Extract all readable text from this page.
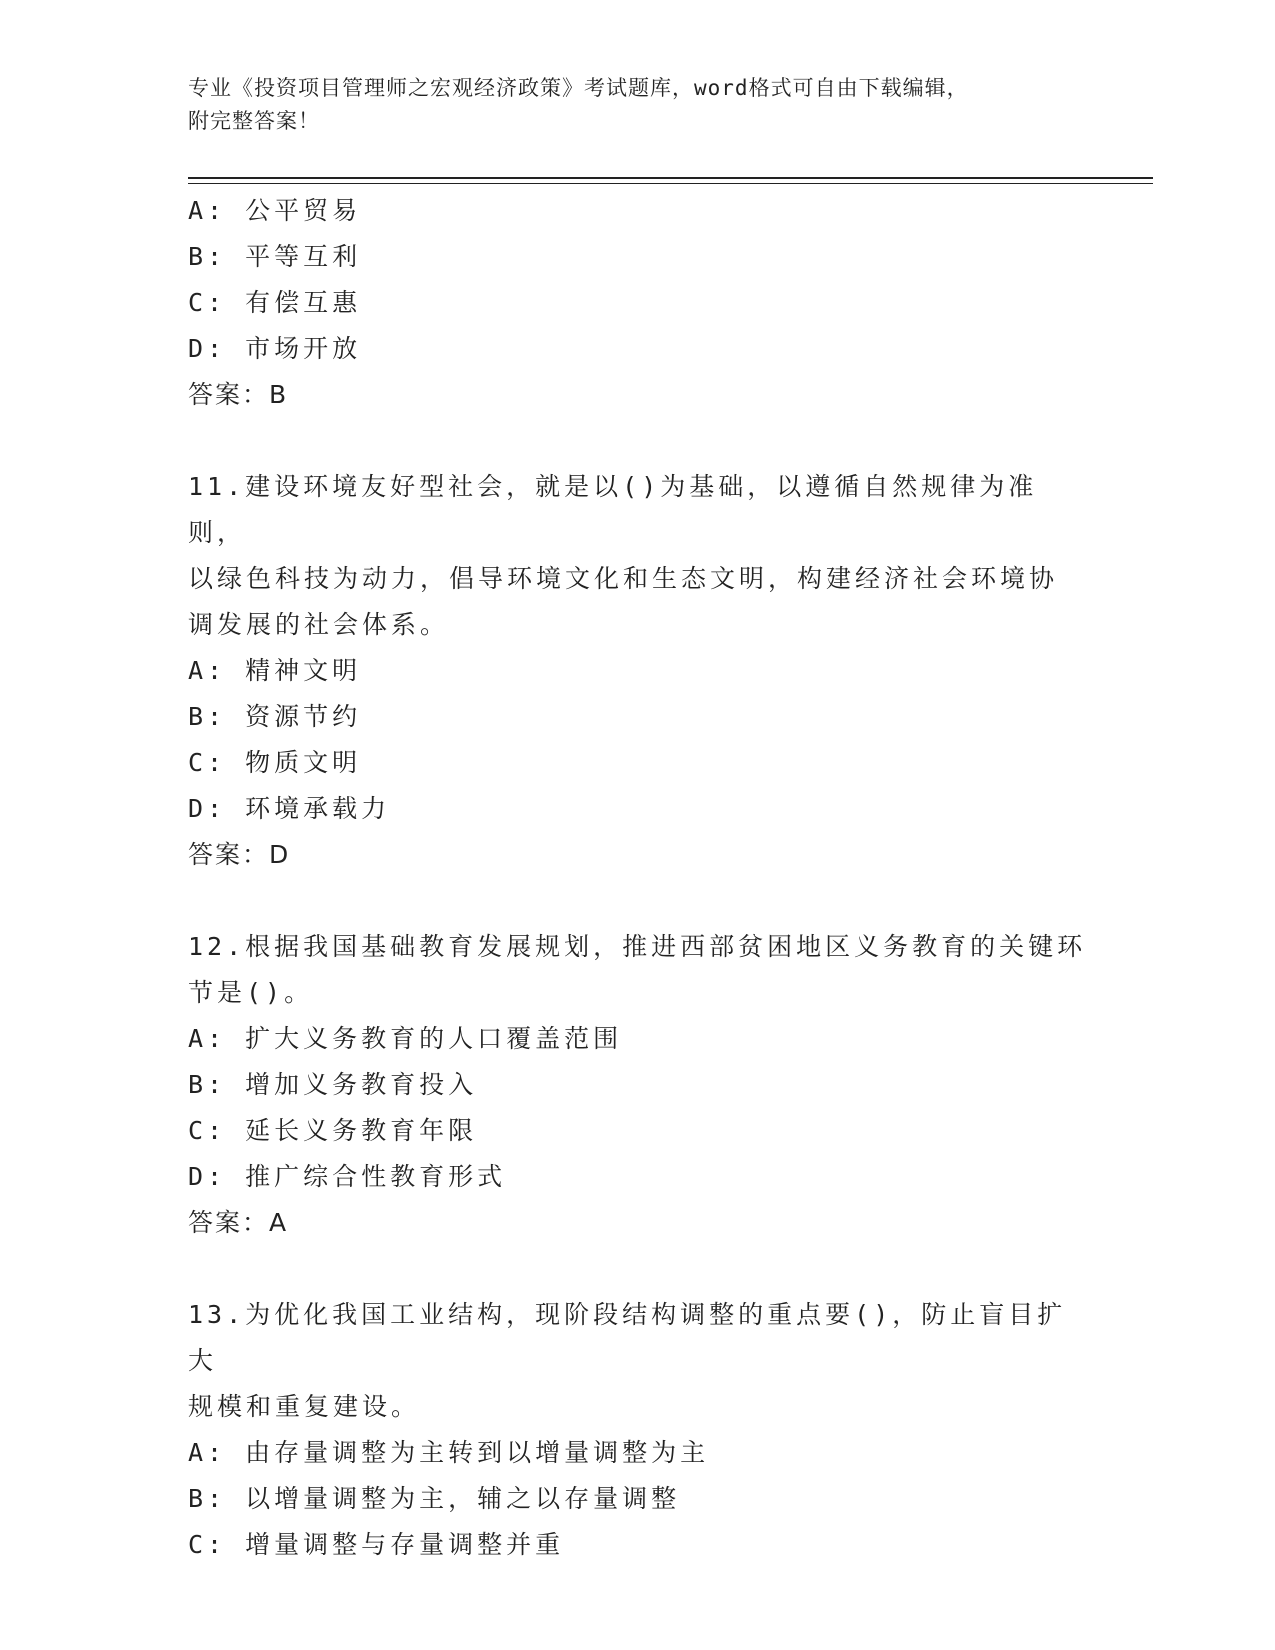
专业《投资项目管理师之宏观经济政策》考试题库，word格式可自由下载编辑，
附完整答案！
A: 公平贸易
B: 平等互利
C: 有偿互惠
D: 市场开放
答案：B
11.建设环境友好型社会，就是以()为基础，以遵循自然规律为准则，
以绿色科技为动力，倡导环境文化和生态文明，构建经济社会环境协
调发展的社会体系。
A: 精神文明
B: 资源节约
C: 物质文明
D: 环境承载力
答案：D
12.根据我国基础教育发展规划，推进西部贫困地区义务教育的关键环
节是()。
A: 扩大义务教育的人口覆盖范围
B: 增加义务教育投入
C: 延长义务教育年限
D: 推广综合性教育形式
答案：A
13.为优化我国工业结构，现阶段结构调整的重点要()，防止盲目扩大
规模和重复建设。
A: 由存量调整为主转到以增量调整为主
B: 以增量调整为主，辅之以存量调整
C: 增量调整与存量调整并重
